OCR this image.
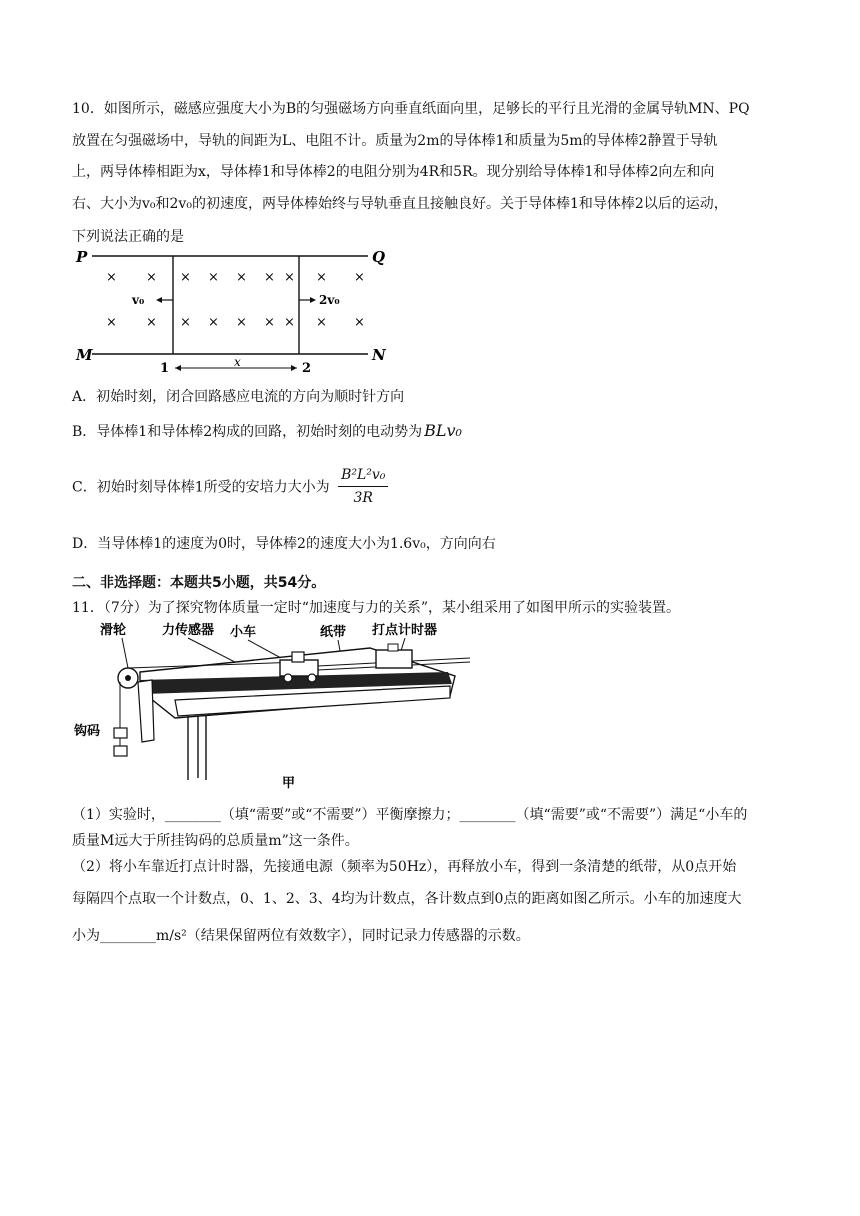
10．如图所示，磁感应强度大小为B的匀强磁场方向垂直纸面向里，足够长的平行且光滑的金属导轨MN、PQ
放置在匀强磁场中，导轨的间距为L、电阻不计。质量为2m的导体棒1和质量为5m的导体棒2静置于导轨
上，两导体棒相距为x，导体棒1和导体棒2的电阻分别为4R和5R。现分别给导体棒1和导体棒2向左和向
右、大小为v₀和2v₀的初速度，两导体棒始终与导轨垂直且接触良好。关于导体棒1和导体棒2以后的运动，
下列说法正确的是
P	Q
M	N
× × × × × × × × ×
× × × × × × × × ×
v₀	2v₀
1	2
x
A．初始时刻，闭合回路感应电流的方向为顺时针方向
B．导体棒1和导体棒2构成的回路，初始时刻的电动势为 BLv₀
C．初始时刻导体棒1所受的安培力大小为 $\frac{\text{B²L²v₀}}{3R}$
D．当导体棒1的速度为0时，导体棒2的速度大小为1.6v₀，方向向右
二、非选择题：本题共5小题，共54分。
11．（7分）为了探究物体质量一定时“加速度与力的关系”，某小组采用了如图甲所示的实验装置。
滑轮	力传感器 小车	纸带 打点计时器
钩码
甲
（1）实验时，________（填“需要”或“不需要”）平衡摩擦力；________（填“需要”或“不需要”）满足“小车的
质量M远大于所挂钩码的总质量m”这一条件。
（2）将小车靠近打点计时器，先接通电源（频率为50Hz），再释放小车，得到一条清楚的纸带，从0点开始
每隔四个点取一个计数点，0、1、2、3、4均为计数点，各计数点到0点的距离如图乙所示。小车的加速度大
小为________m/s²（结果保留两位有效数字），同时记录力传感器的示数。
